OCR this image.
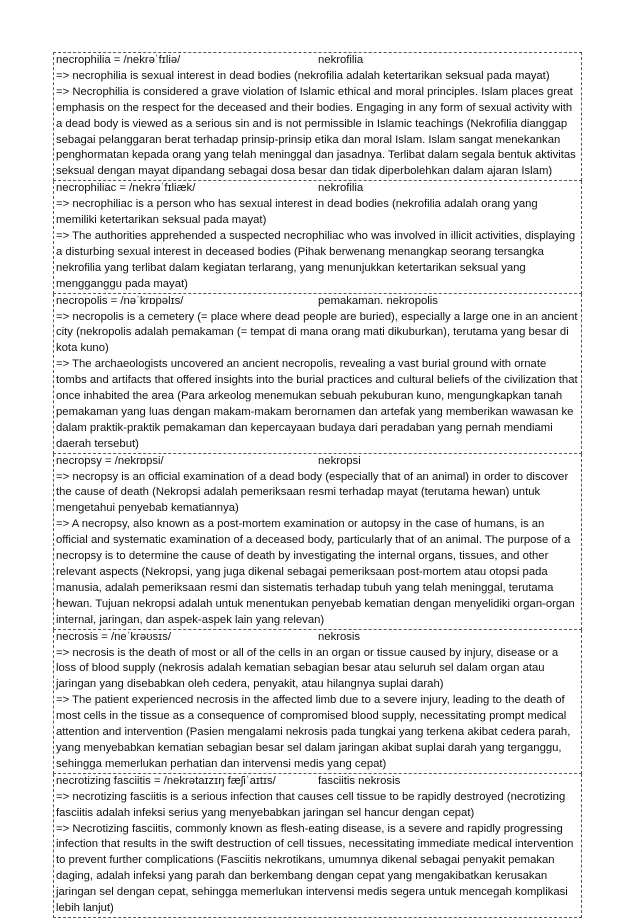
necrophilia = /nekrəˈfɪliə/	nekrofilia

=> necrophilia is sexual interest in dead bodies (nekrofilia adalah ketertarikan seksual pada mayat)

=> Necrophilia is considered a grave violation of Islamic ethical and moral principles. Islam places great emphasis on the respect for the deceased and their bodies. Engaging in any form of sexual activity with a dead body is viewed as a serious sin and is not permissible in Islamic teachings (Nekrofilia dianggap sebagai pelanggaran berat terhadap prinsip-prinsip etika dan moral Islam. Islam sangat menekankan penghormatan kepada orang yang telah meninggal dan jasadnya. Terlibat dalam segala bentuk aktivitas seksual dengan mayat dipandang sebagai dosa besar dan tidak diperbolehkan dalam ajaran Islam)

necrophiliac = /nekrəˈfɪliæk/	nekrofilia

=> necrophiliac is a person who has sexual interest in dead bodies (nekrofilia adalah orang yang memiliki ketertarikan seksual pada mayat)

=> The authorities apprehended a suspected necrophiliac who was involved in illicit activities, displaying a disturbing sexual interest in deceased bodies (Pihak berwenang menangkap seorang tersangka nekrofilia yang terlibat dalam kegiatan terlarang, yang menunjukkan ketertarikan seksual yang mengganggu pada mayat)

necropolis = /nəˈkrɒpəlɪs/	pemakaman. nekropolis

=> necropolis is a cemetery (= place where dead people are buried), especially a large one in an ancient city (nekropolis adalah pemakaman (= tempat di mana orang mati dikuburkan), terutama yang besar di kota kuno)

=> The archaeologists uncovered an ancient necropolis, revealing a vast burial ground with ornate tombs and artifacts that offered insights into the burial practices and cultural beliefs of the civilization that once inhabited the area (Para arkeolog menemukan sebuah pekuburan kuno, mengungkapkan tanah pemakaman yang luas dengan makam-makam berornamen dan artefak yang memberikan wawasan ke dalam praktik-praktik pemakaman dan kepercayaan budaya dari peradaban yang pernah mendiami daerah tersebut)

necropsy = /nekrɒpsi/	nekropsi

=> necropsy is an official examination of a dead body (especially that of an animal) in order to discover the cause of death (Nekropsi adalah pemeriksaan resmi terhadap mayat (terutama hewan) untuk mengetahui penyebab kematiannya)

=> A necropsy, also known as a post-mortem examination or autopsy in the case of humans, is an official and systematic examination of a deceased body, particularly that of an animal. The purpose of a necropsy is to determine the cause of death by investigating the internal organs, tissues, and other relevant aspects (Nekropsi, yang juga dikenal sebagai pemeriksaan post-mortem atau otopsi pada manusia, adalah pemeriksaan resmi dan sistematis terhadap tubuh yang telah meninggal, terutama hewan. Tujuan nekropsi adalah untuk menentukan penyebab kematian dengan menyelidiki organ-organ internal, jaringan, dan aspek-aspek lain yang relevan)

necrosis = /neˈkrəʊsɪs/	nekrosis

=> necrosis is the death of most or all of the cells in an organ or tissue caused by injury, disease or a loss of blood supply (nekrosis adalah kematian sebagian besar atau seluruh sel dalam organ atau jaringan yang disebabkan oleh cedera, penyakit, atau hilangnya suplai darah)

=> The patient experienced necrosis in the affected limb due to a severe injury, leading to the death of most cells in the tissue as a consequence of compromised blood supply, necessitating prompt medical attention and intervention (Pasien mengalami nekrosis pada tungkai yang terkena akibat cedera parah, yang menyebabkan kematian sebagian besar sel dalam jaringan akibat suplai darah yang terganggu, sehingga memerlukan perhatian dan intervensi medis yang cepat)

necrotizing fasciitis = /nekrətaɪzɪŋ fæʃiˈaɪtɪs/	fasciitis nekrosis

=> necrotizing fasciitis is a serious infection that causes cell tissue to be rapidly destroyed (necrotizing fasciitis adalah infeksi serius yang menyebabkan jaringan sel hancur dengan cepat)

=> Necrotizing fasciitis, commonly known as flesh-eating disease, is a severe and rapidly progressing infection that results in the swift destruction of cell tissues, necessitating immediate medical intervention to prevent further complications (Fasciitis nekrotikans, umumnya dikenal sebagai penyakit pemakan daging, adalah infeksi yang parah dan berkembang dengan cepat yang mengakibatkan kerusakan jaringan sel dengan cepat, sehingga memerlukan intervensi medis segera untuk mencegah komplikasi lebih lanjut)
